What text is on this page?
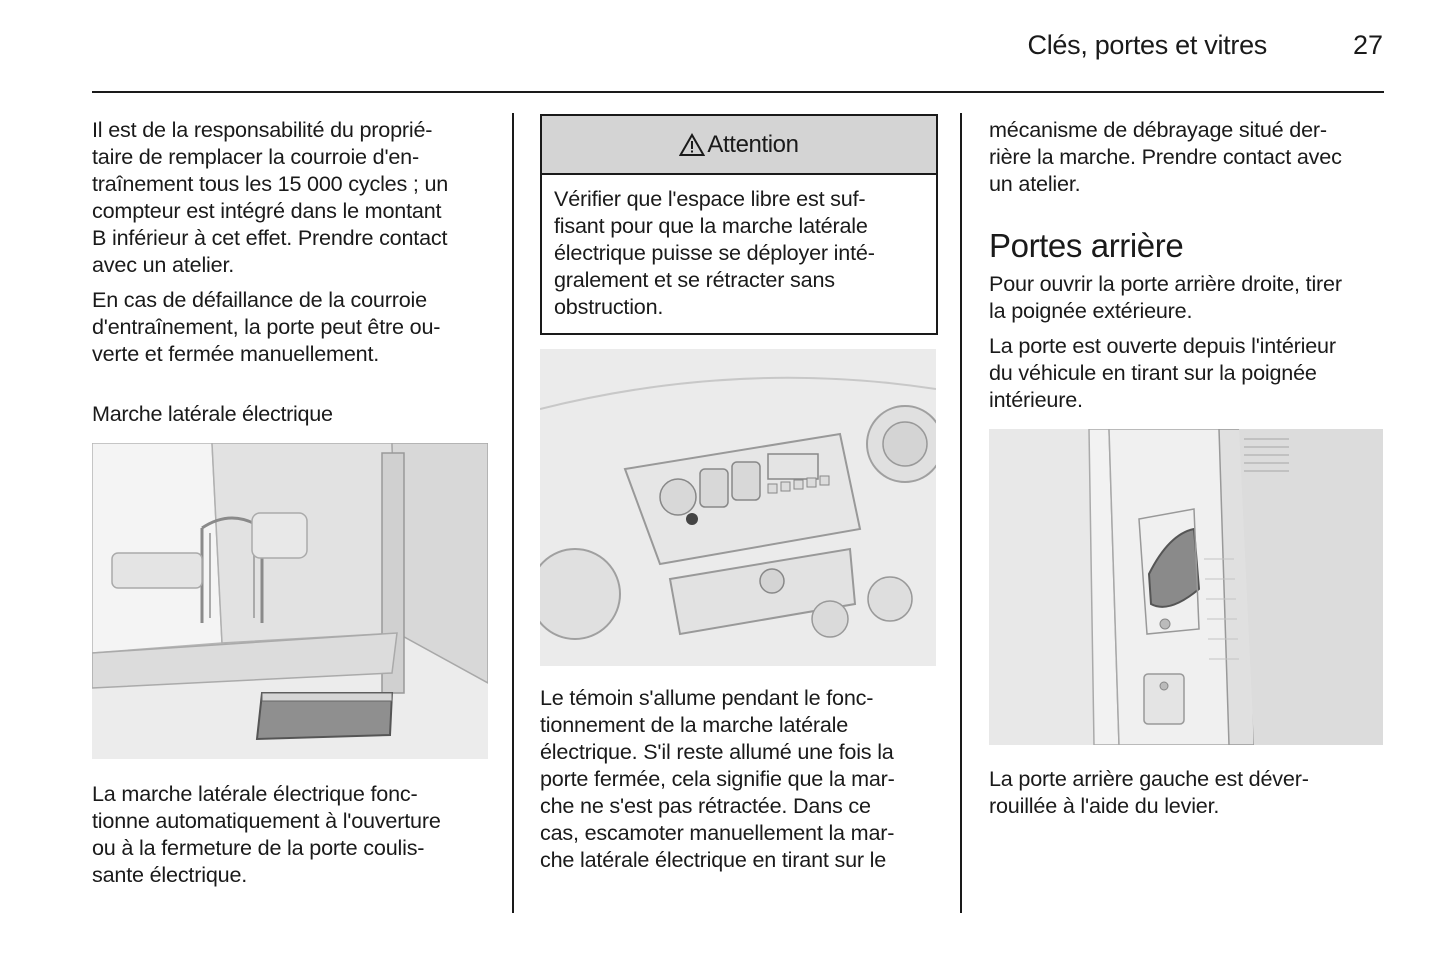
Clés, portes et vitres	27

Il est de la responsabilité du proprié-
taire de remplacer la courroie d'en-
traînement tous les 15 000 cycles ; un
compteur est intégré dans le montant
B inférieur à cet effet. Prendre contact
avec un atelier.

En cas de défaillance de la courroie
d'entraînement, la porte peut être ou-
verte et fermée manuellement.

Marche latérale électrique

La marche latérale électrique fonc-
tionne automatiquement à l'ouverture
ou à la fermeture de la porte coulis-
sante électrique.

Attention

Vérifier que l'espace libre est suf-
fisant pour que la marche latérale
électrique puisse se déployer inté-
gralement et se rétracter sans
obstruction.

Le témoin s'allume pendant le fonc-
tionnement de la marche latérale
électrique. S'il reste allumé une fois la
porte fermée, cela signifie que la mar-
che ne s'est pas rétractée. Dans ce
cas, escamoter manuellement la mar-
che latérale électrique en tirant sur le

mécanisme de débrayage situé der-
rière la marche. Prendre contact avec
un atelier.

Portes arrière

Pour ouvrir la porte arrière droite, tirer
la poignée extérieure.

La porte est ouverte depuis l'intérieur
du véhicule en tirant sur la poignée
intérieure.

La porte arrière gauche est déver-
rouillée à l'aide du levier.
